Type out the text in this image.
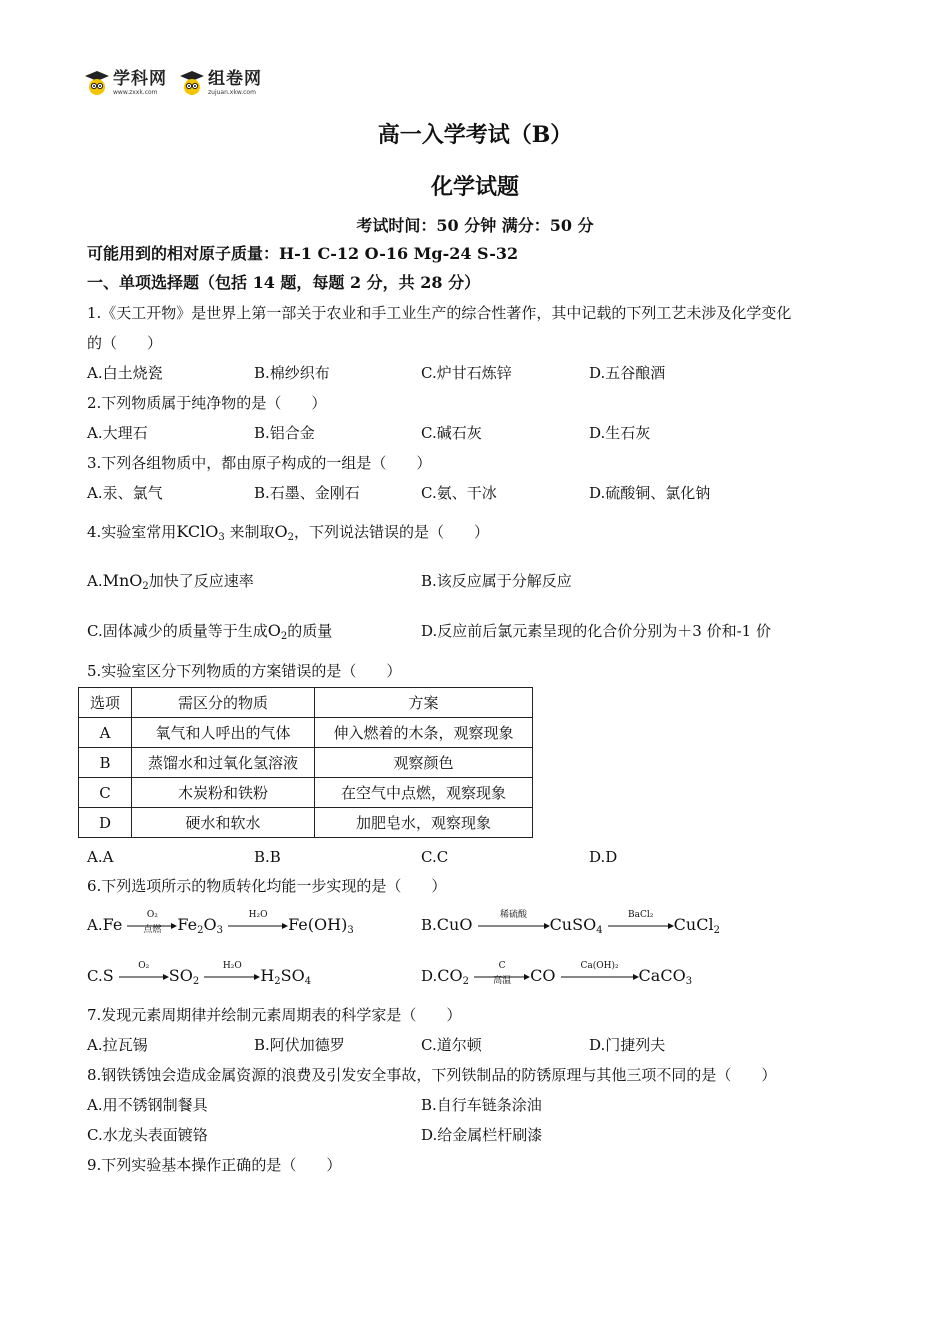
学科网
www.zxxk.com
组卷网
zujuan.xkw.com
高一入学考试（B）
化学试题
考试时间：50 分钟 满分：50 分
可能用到的相对原子质量：H-1 C-12 O-16 Mg-24 S-32
一、单项选择题（包括 14 题，每题 2 分，共 28 分）
1.《天工开物》是世界上第一部关于农业和手工业生产的综合性著作，其中记载的下列工艺未涉及化学变化
的（　　）
A.白土烧瓷	B.棉纱织布	C.炉甘石炼锌	D.五谷酿酒
2.下列物质属于纯净物的是（　　）
A.大理石	B.铝合金	C.碱石灰	D.生石灰
3.下列各组物质中，都由原子构成的一组是（　　）
A.汞、氯气	B.石墨、金刚石	C.氨、干冰	D.硫酸铜、氯化钠
4.实验室常用KClO$_3$ 来制取$O_2$，下列说法错误的是（　　）
A.MnO$_2$加快了反应速率	B.该反应属于分解反应
C.固体减少的质量等于生成$O_2$的质量	D.反应前后氯元素呈现的化合价分别为＋3 价和-1 价
5.实验室区分下列物质的方案错误的是（　　）
选项	需区分的物质	方案
A	氧气和人呼出的气体	伸入燃着的木条，观察现象
B	蒸馏水和过氧化氢溶液	观察颜色
C	木炭粉和铁粉	在空气中点燃，观察现象
D	硬水和软水	加肥皂水，观察现象
A.A	B.B	C.C	D.D
6.下列选项所示的物质转化均能一步实现的是（　　）
A.Fe
O₂
点燃	$Fe_2O_3$
H₂O
$Fe(OH)_3$	B.CuO
稀硫酸
CuSO$_4$
BaCl₂
CuCl$_2$
C.S
O₂
$SO_2$
H₂O
$H_2SO_4$	$D.CO_2$
C
高温	CO
Ca(OH)₂
CaCO$_3$
7.发现元素周期律并绘制元素周期表的科学家是（　　）
A.拉瓦锡	B.阿伏加德罗	C.道尔顿	D.门捷列夫
8.钢铁锈蚀会造成金属资源的浪费及引发安全事故，下列铁制品的防锈原理与其他三项不同的是（　　）
A.用不锈钢制餐具	B.自行车链条涂油
C.水龙头表面镀铬	D.给金属栏杆刷漆
9.下列实验基本操作正确的是（　　）
